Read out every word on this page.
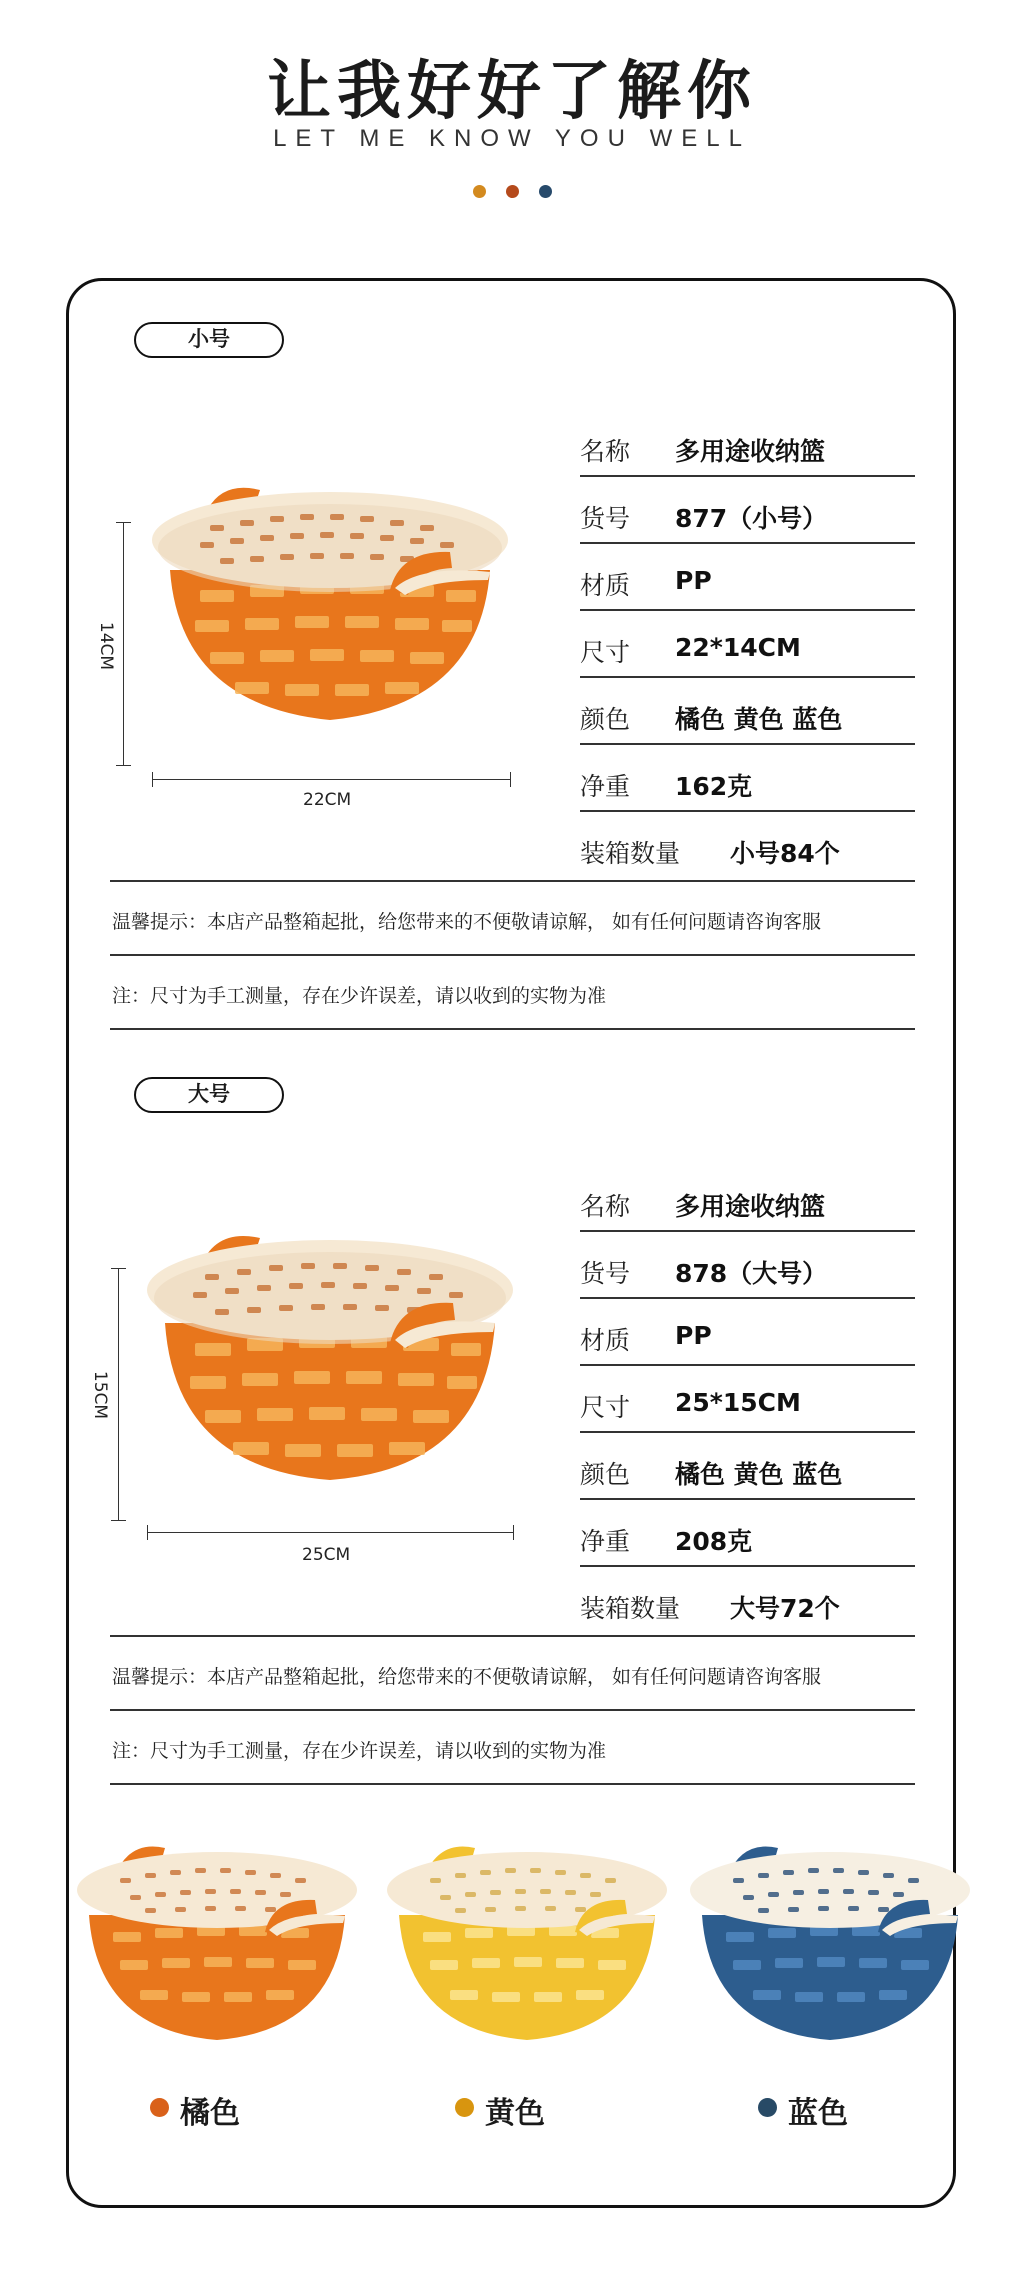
让我好好了解你
LET ME KNOW YOU WELL
小号
14CM
22CM
名称 多用途收纳篮
货号 877（小号）
材质 PP
尺寸 22*14CM
颜色 橘色 黄色 蓝色
净重 162克
装箱数量 小号84个
温馨提示：本店产品整箱起批，给您带来的不便敬请谅解， 如有任何问题请咨询客服
注：尺寸为手工测量，存在少许误差，请以收到的实物为准
大号
15CM
25CM
名称 多用途收纳篮
货号 878（大号）
材质 PP
尺寸 25*15CM
颜色 橘色 黄色 蓝色
净重 208克
装箱数量 大号72个
温馨提示：本店产品整箱起批，给您带来的不便敬请谅解， 如有任何问题请咨询客服
注：尺寸为手工测量，存在少许误差，请以收到的实物为准
橘色	黄色	蓝色
